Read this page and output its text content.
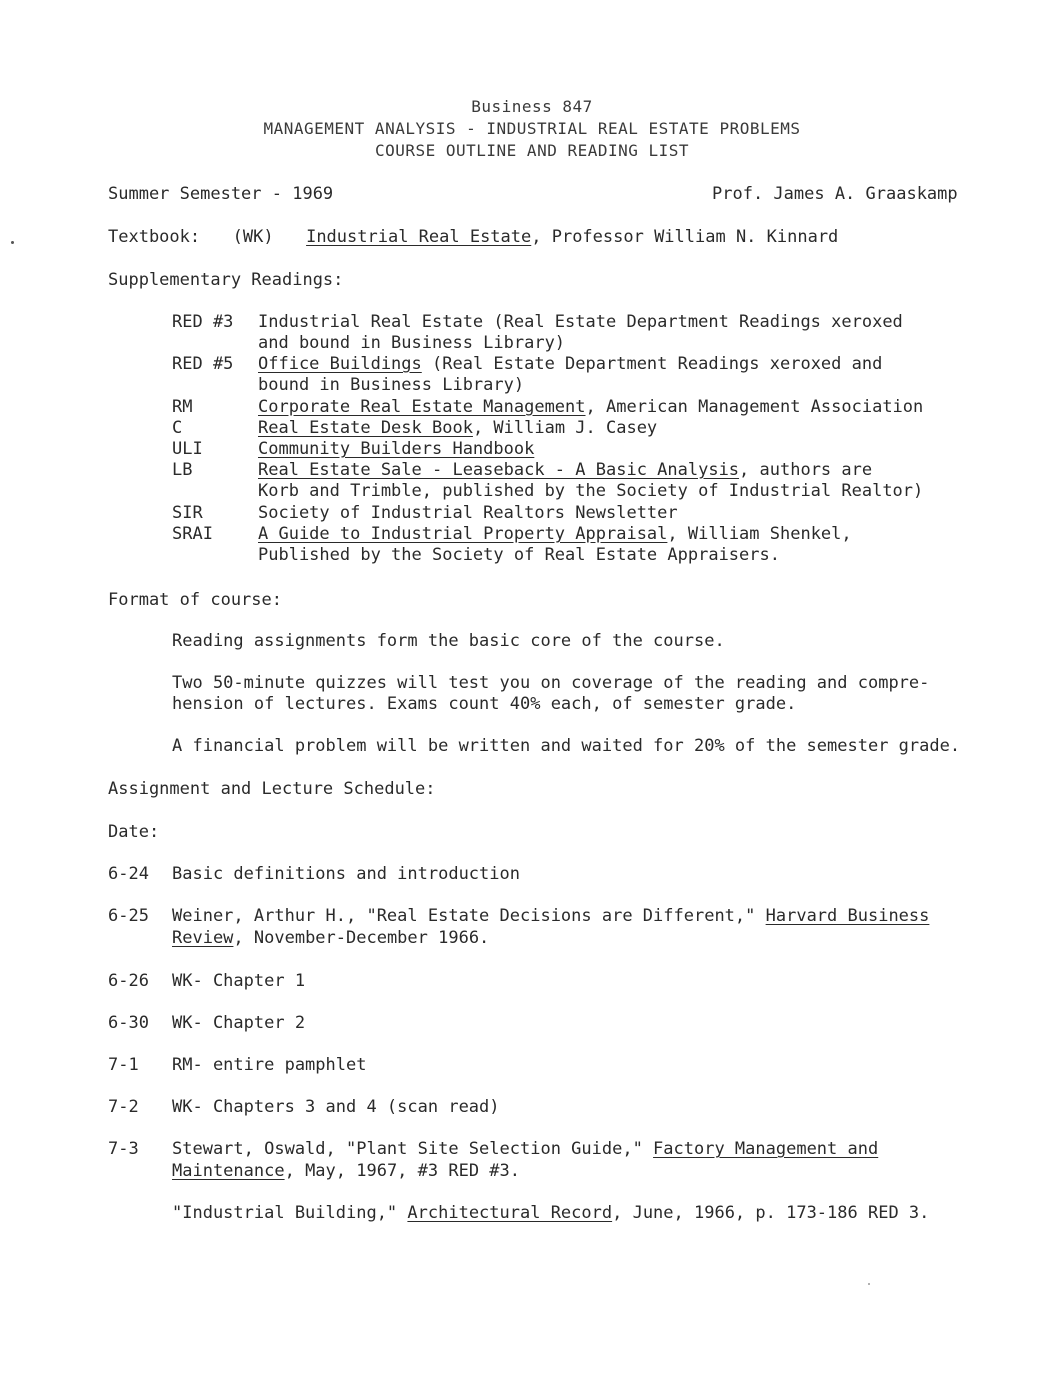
Business 847
MANAGEMENT ANALYSIS - INDUSTRIAL REAL ESTATE PROBLEMS
COURSE OUTLINE AND READING LIST
Summer Semester - 1969	Prof. James A. Graaskamp
Textbook: (WK) Industrial Real Estate, Professor William N. Kinnard
Supplementary Readings:
RED #3	Industrial Real Estate (Real Estate Department Readings xeroxed
and bound in Business Library)
RED #5	Office Buildings (Real Estate Department Readings xeroxed and
bound in Business Library)
RM	Corporate Real Estate Management, American Management Association
C	Real Estate Desk Book, William J. Casey
ULI	Community Builders Handbook
LB	Real Estate Sale - Leaseback - A Basic Analysis, authors are
Korb and Trimble, published by the Society of Industrial Realtor)
SIR	Society of Industrial Realtors Newsletter
SRAI	A Guide to Industrial Property Appraisal, William Shenkel,
Published by the Society of Real Estate Appraisers.
Format of course:
Reading assignments form the basic core of the course.
Two 50-minute quizzes will test you on coverage of the reading and compre-
hension of lectures. Exams count 40% each, of semester grade.
A financial problem will be written and waited for 20% of the semester grade.
Assignment and Lecture Schedule:
Date:
6-24	Basic definitions and introduction
6-25	Weiner, Arthur H., "Real Estate Decisions are Different," Harvard Business
Review, November-December 1966.
6-26	WK- Chapter 1
6-30	WK- Chapter 2
7-1	RM- entire pamphlet
7-2	WK- Chapters 3 and 4 (scan read)
7-3	Stewart, Oswald, "Plant Site Selection Guide," Factory Management and
Maintenance, May, 1967, #3 RED #3.
"Industrial Building," Architectural Record, June, 1966, p. 173-186 RED 3.
